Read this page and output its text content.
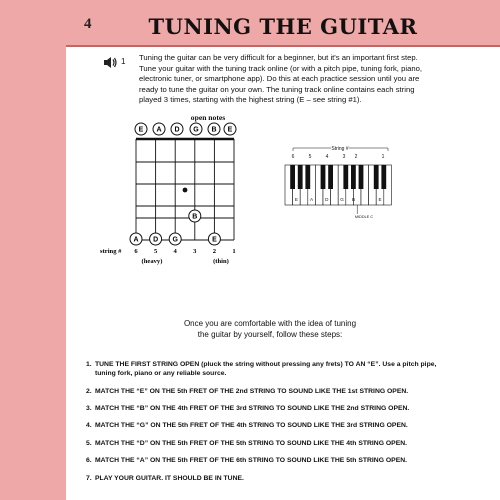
4	TUNING THE GUITAR
1 Tuning the guitar can be very difficult for a beginner, but it's an important first step. Tune your guitar with the tuning track online (or with a pitch pipe, tuning fork, piano, electronic tuner, or smartphone app). Do this at each practice session until you are ready to tune the guitar on your own. The tuning track online contains each string played 3 times, starting with the highest string (E – see string #1).
open notes
E A D G B E
B
A D G	E
string # 6 5 4 3 2 1
(heavy)	(thin)
String #
6	5	4	3 2	1
E	A	D	G B	E
MIDDLE C
Once you are comfortable with the idea of tuning
the guitar by yourself, follow these steps:
1. TUNE THE FIRST STRING OPEN (pluck the string without pressing any frets) TO AN “E”. Use a pitch pipe, tuning fork, piano or any reliable source.
2. MATCH THE “E” ON THE 5th FRET OF THE 2nd STRING TO SOUND LIKE THE 1st STRING OPEN.
3. MATCH THE “B” ON THE 4th FRET OF THE 3rd STRING TO SOUND LIKE THE 2nd STRING OPEN.
4. MATCH THE “G” ON THE 5th FRET OF THE 4th STRING TO SOUND LIKE THE 3rd STRING OPEN.
5. MATCH THE “D” ON THE 5th FRET OF THE 5th STRING TO SOUND LIKE THE 4th STRING OPEN.
6. MATCH THE “A” ON THE 5th FRET OF THE 6th STRING TO SOUND LIKE THE 5th STRING OPEN.
7. PLAY YOUR GUITAR. IT SHOULD BE IN TUNE.
